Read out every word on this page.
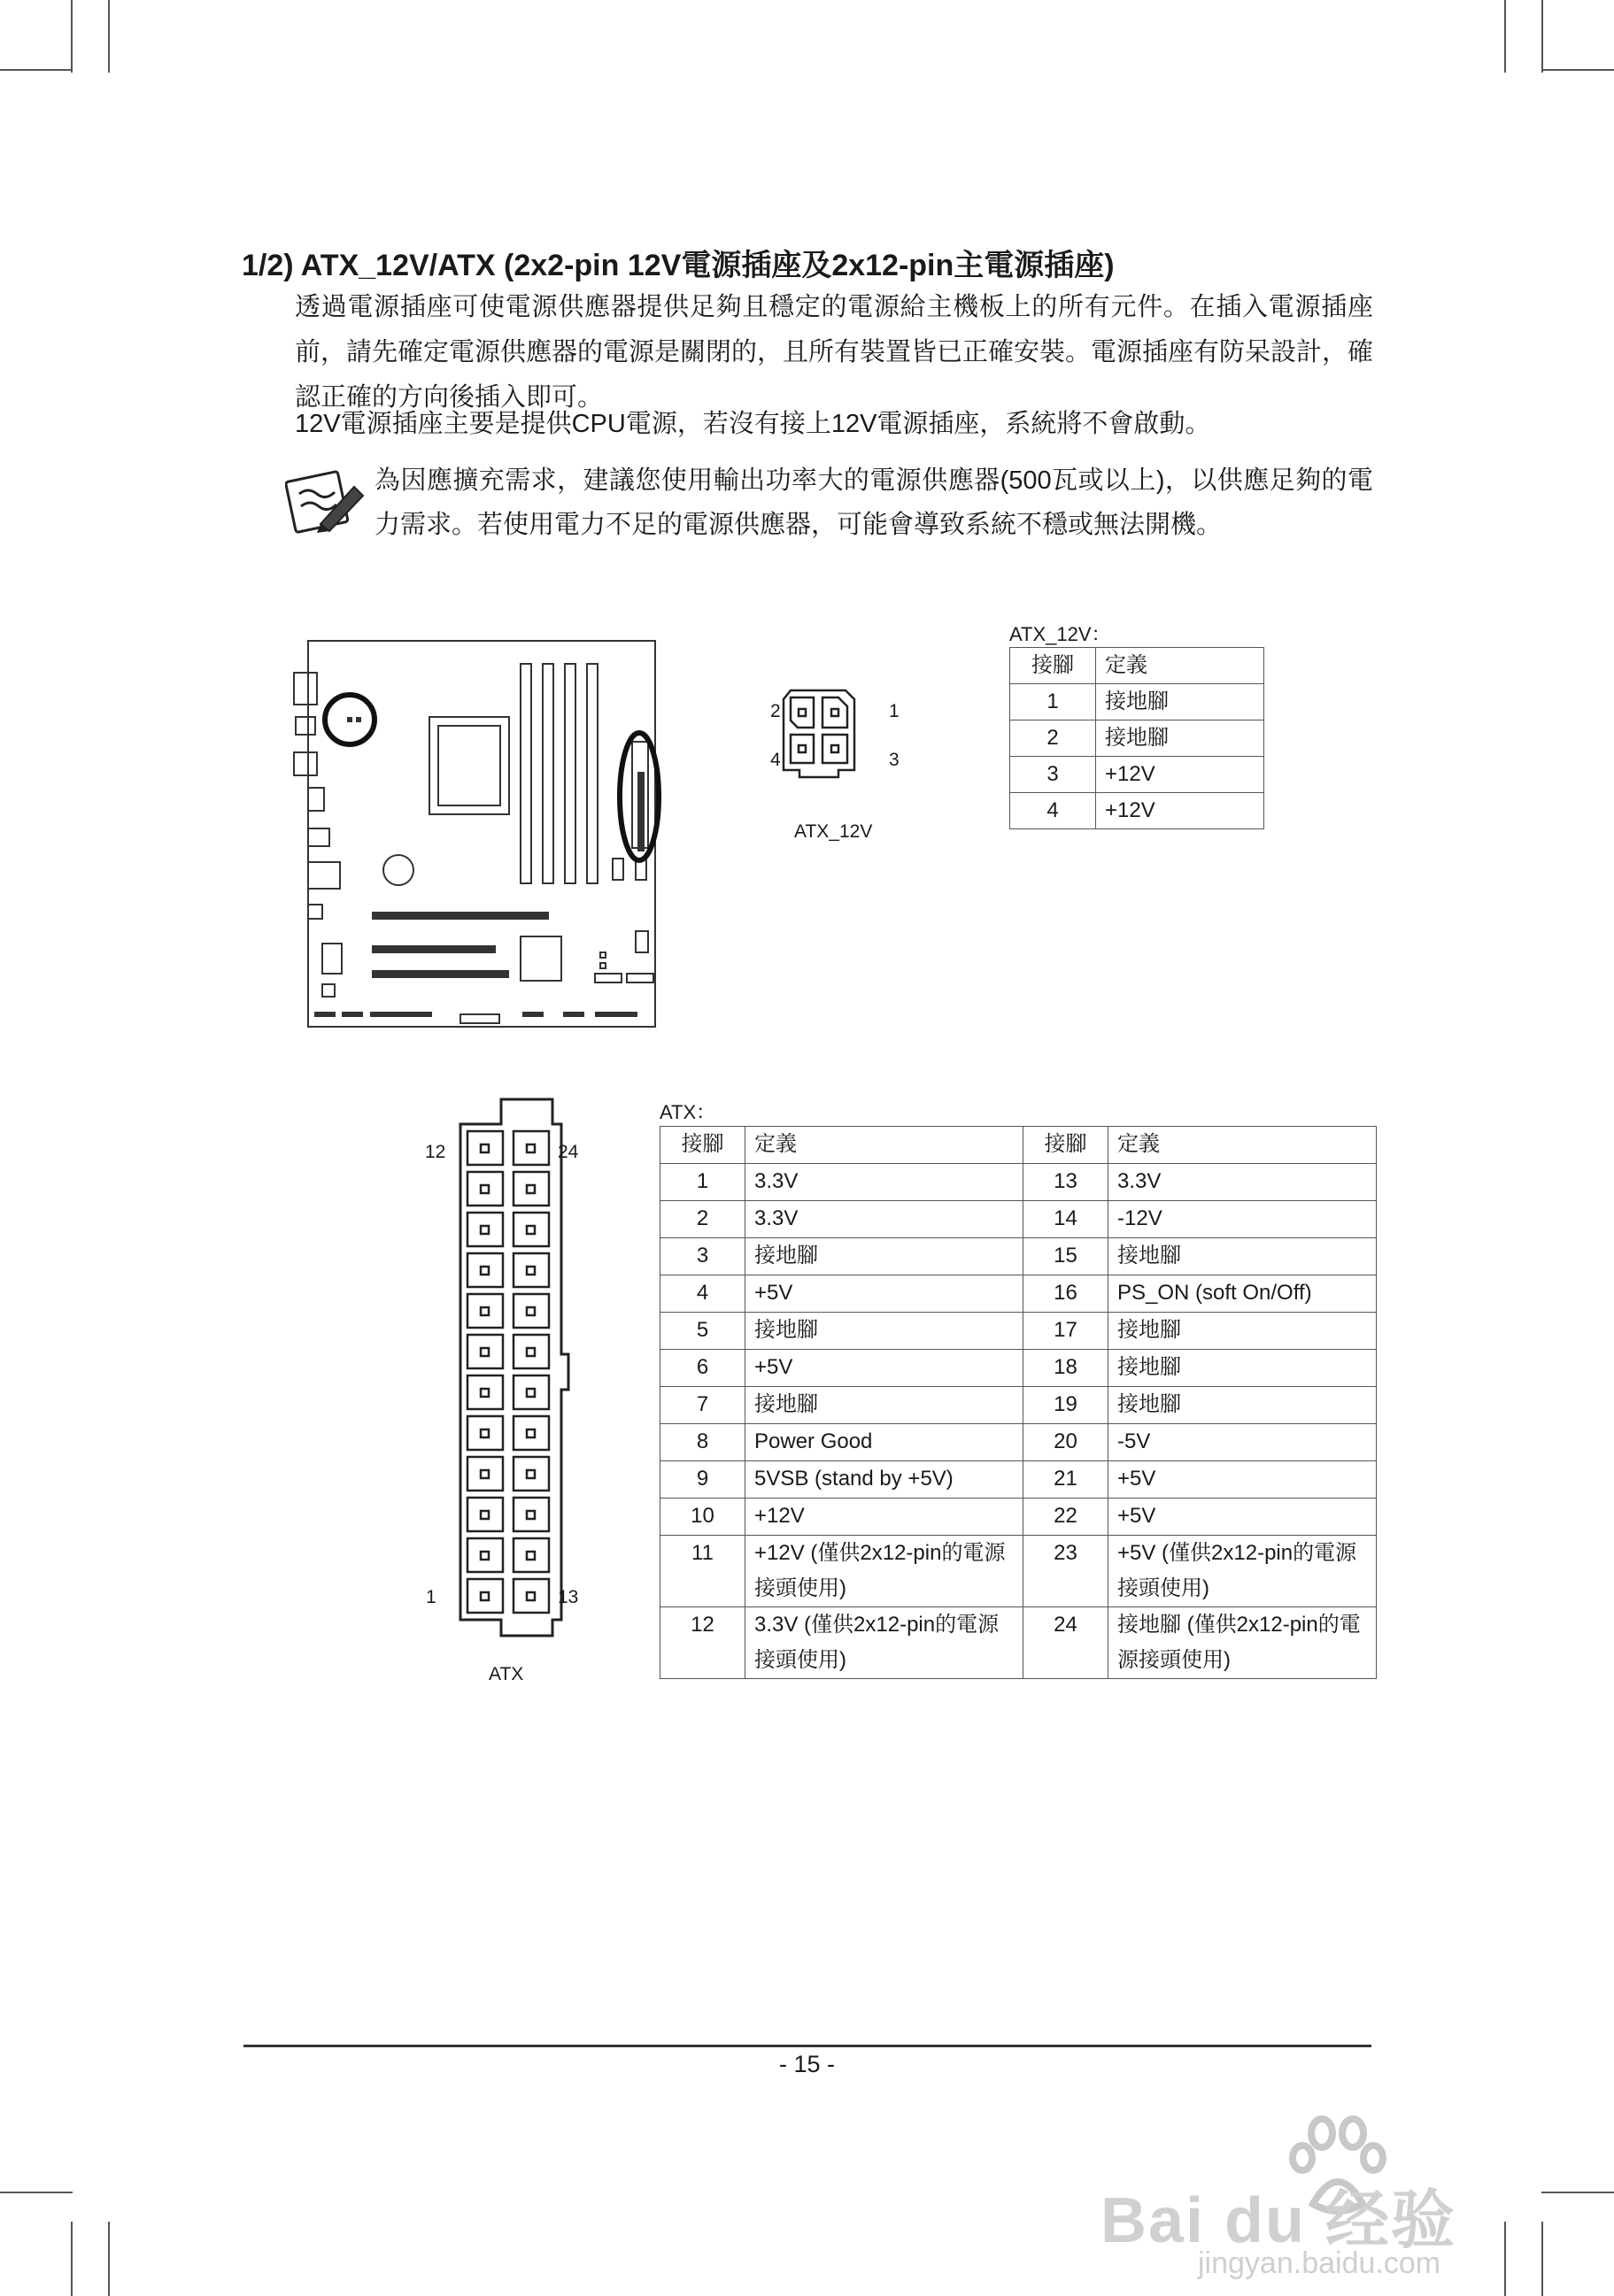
1/2) ATX_12V/ATX (2x2-pin 12V電源插座及2x12-pin主電源插座)
透過電源插座可使電源供應器提供足夠且穩定的電源給主機板上的所有元件。在插入電源插座前，請先確定電源供應器的電源是關閉的，且所有裝置皆已正確安裝。電源插座有防呆設計，確認正確的方向後插入即可。
12V電源插座主要是提供CPU電源，若沒有接上12V電源插座，系統將不會啟動。
為因應擴充需求，建議您使用輸出功率大的電源供應器(500瓦或以上)，以供應足夠的電力需求。若使用電力不足的電源供應器，可能會導致系統不穩或無法開機。
2	1
4	3
ATX_12V
ATX_12V：
接腳	定義
1	接地腳
2	接地腳
3	+12V
4	+12V
12	24
1	13
ATX
ATX：
接腳	定義	接腳	定義
1	3.3V	13	3.3V
2	3.3V	14	-12V
3	接地腳	15	接地腳
4	+5V	16	PS_ON (soft On/Off)
5	接地腳	17	接地腳
6	+5V	18	接地腳
7	接地腳	19	接地腳
8	Power Good	20	-5V
9	5VSB (stand by +5V)	21	+5V
10	+12V	22	+5V
11	+12V (僅供2x12-pin的電源接頭使用)	23	+5V (僅供2x12-pin的電源接頭使用)
12	3.3V (僅供2x12-pin的電源接頭使用)	24	接地腳 (僅供2x12-pin的電源接頭使用)
- 15 -
Bai du 经验
jingyan.baidu.com
